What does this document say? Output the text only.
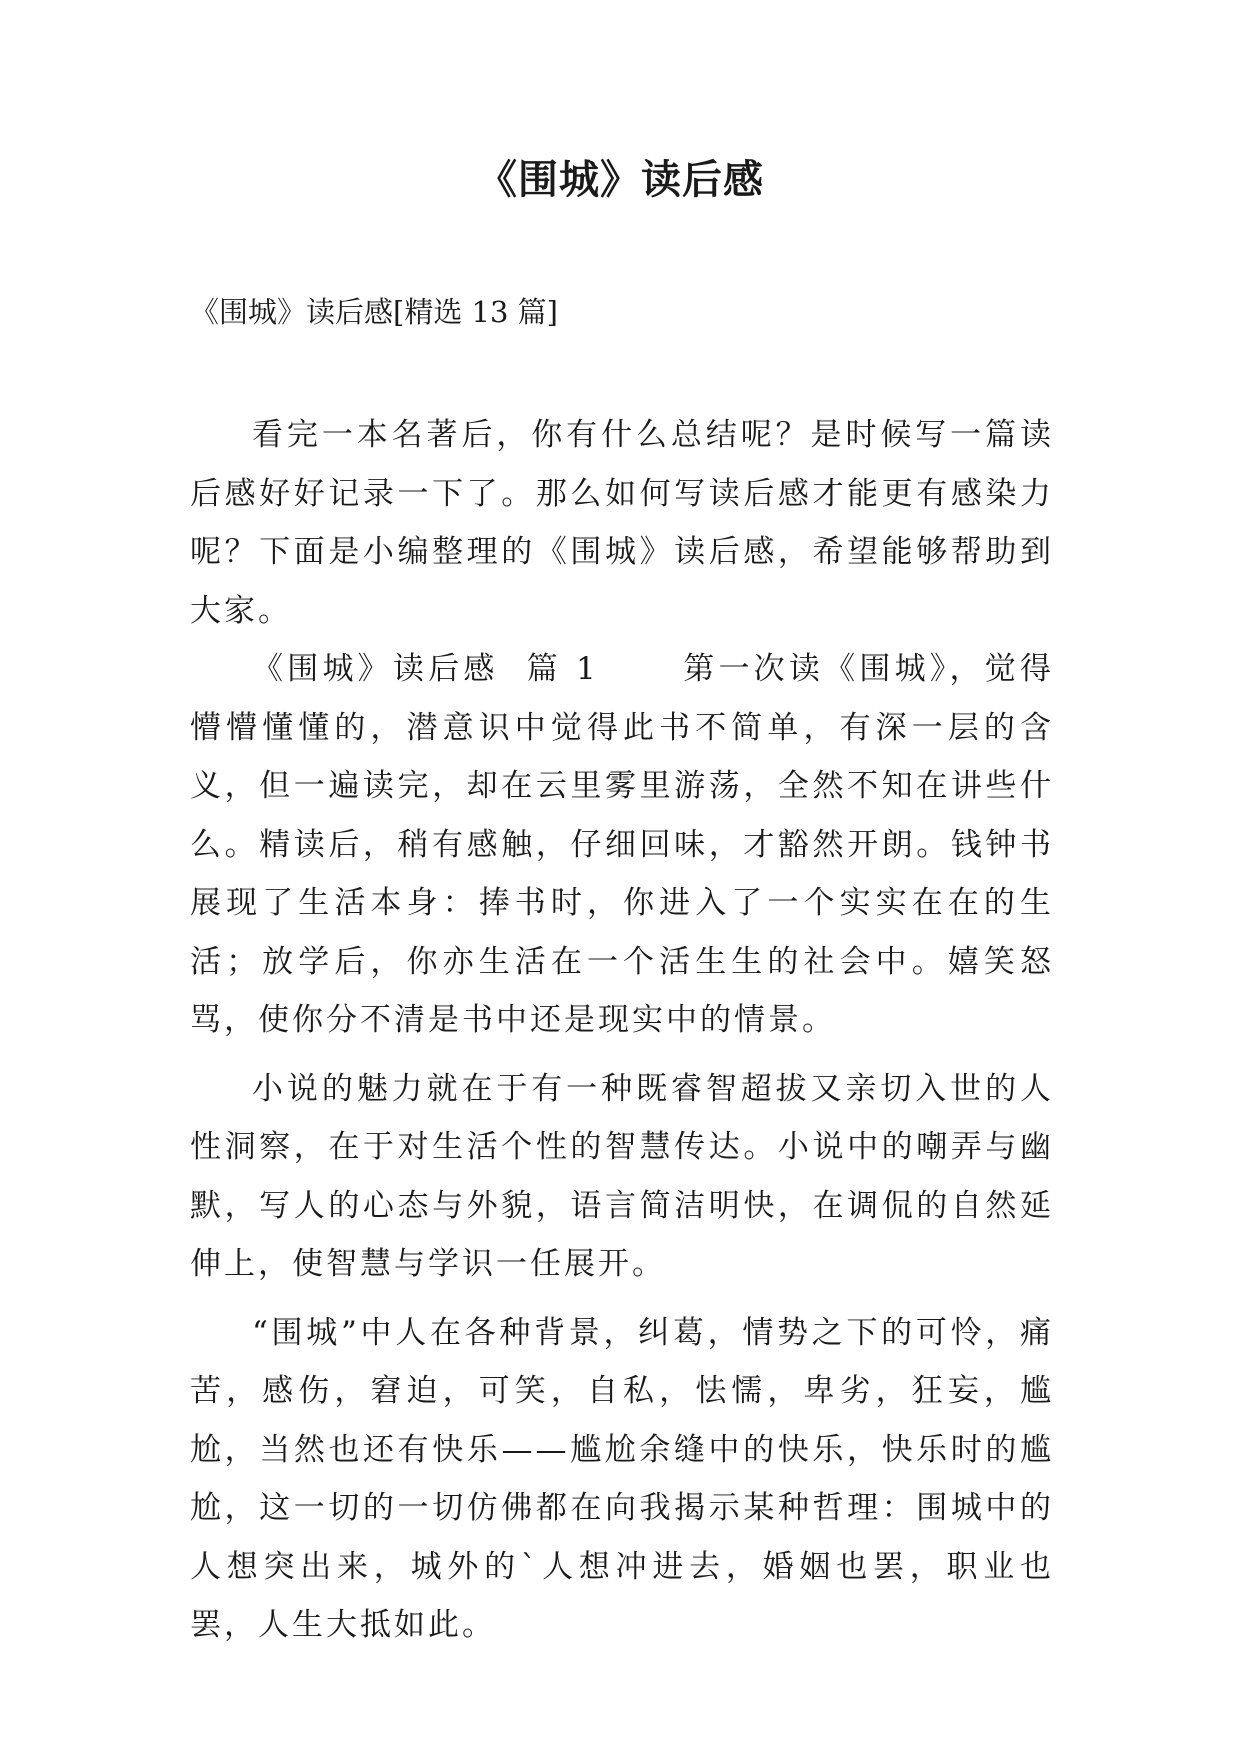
《围城》读后感

《围城》读后感[精选 13 篇]

看完一本名著后，你有什么总结呢？是时候写一篇读后感好好记录一下了。那么如何写读后感才能更有感染力呢？下面是小编整理的《围城》读后感，希望能够帮助到大家。

《围城》读后感  篇 1      第一次读《围城》，觉得懵懵懂懂的，潜意识中觉得此书不简单，有深一层的含义，但一遍读完，却在云里雾里游荡，全然不知在讲些什么。精读后，稍有感触，仔细回味，才豁然开朗。钱钟书展现了生活本身：捧书时，你进入了一个实实在在的生活；放学后，你亦生活在一个活生生的社会中。嬉笑怒骂，使你分不清是书中还是现实中的情景。

小说的魅力就在于有一种既睿智超拔又亲切入世的人性洞察，在于对生活个性的智慧传达。小说中的嘲弄与幽默，写人的心态与外貌，语言简洁明快，在调侃的自然延伸上，使智慧与学识一任展开。

“围城”中人在各种背景，纠葛，情势之下的可怜，痛苦，感伤，窘迫，可笑，自私，怯懦，卑劣，狂妄，尴尬，当然也还有快乐——尴尬余缝中的快乐，快乐时的尴尬，这一切的一切仿佛都在向我揭示某种哲理：围城中的人想突出来，城外的`人想冲进去，婚姻也罢，职业也罢，人生大抵如此。
